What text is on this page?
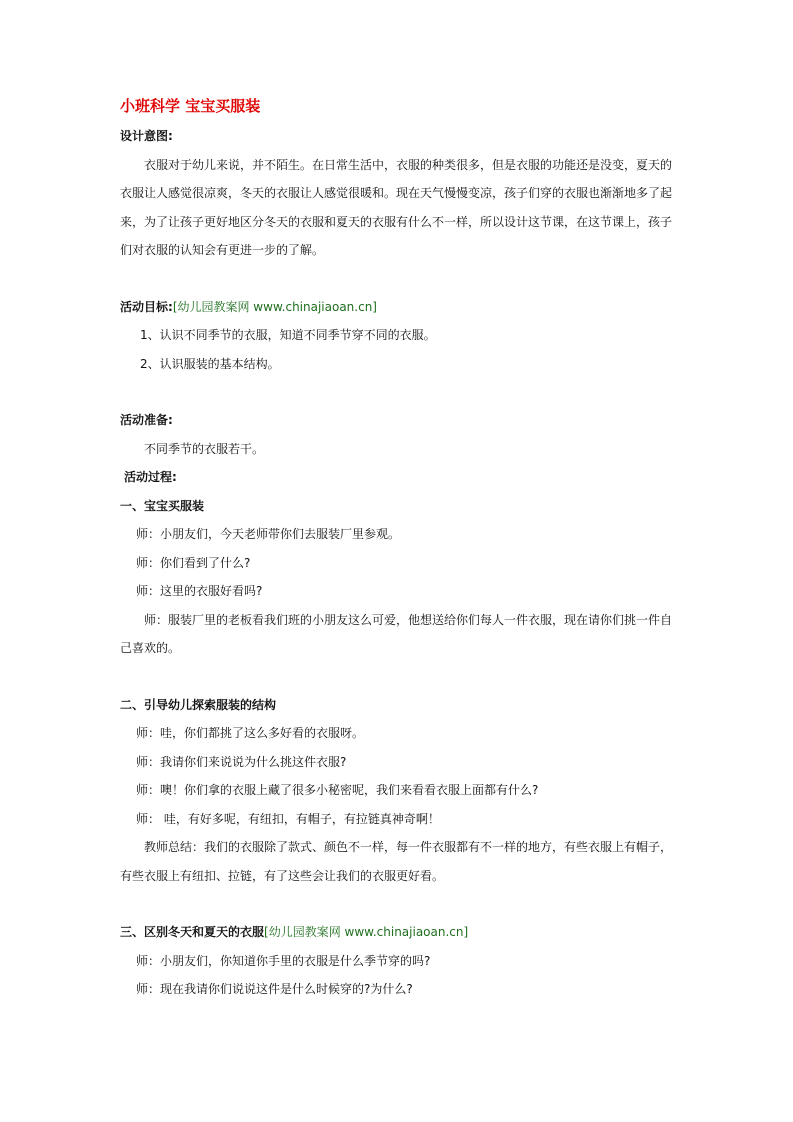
小班科学 宝宝买服装

设计意图:

衣服对于幼儿来说，并不陌生。在日常生活中，衣服的种类很多，但是衣服的功能还是没变，夏天的衣服让人感觉很凉爽，冬天的衣服让人感觉很暖和。现在天气慢慢变凉，孩子们穿的衣服也渐渐地多了起来，为了让孩子更好地区分冬天的衣服和夏天的衣服有什么不一样，所以设计这节课，在这节课上，孩子们对衣服的认知会有更进一步的了解。

活动目标:[幼儿园教案网 www.chinajiaoan.cn]

1、认识不同季节的衣服，知道不同季节穿不同的衣服。

2、认识服装的基本结构。

活动准备:

不同季节的衣服若干。

活动过程:

一、宝宝买服装

师：小朋友们，今天老师带你们去服装厂里参观。

师：你们看到了什么?

师：这里的衣服好看吗?

师：服装厂里的老板看我们班的小朋友这么可爱，他想送给你们每人一件衣服，现在请你们挑一件自己喜欢的。

二、引导幼儿探索服装的结构

师：哇，你们都挑了这么多好看的衣服呀。

师：我请你们来说说为什么挑这件衣服?

师：噢！你们拿的衣服上藏了很多小秘密呢，我们来看看衣服上面都有什么?

师： 哇，有好多呢，有纽扣，有帽子，有拉链真神奇啊！

教师总结：我们的衣服除了款式、颜色不一样，每一件衣服都有不一样的地方，有些衣服上有帽子，有些衣服上有纽扣、拉链，有了这些会让我们的衣服更好看。

三、区别冬天和夏天的衣服[幼儿园教案网 www.chinajiaoan.cn]

师：小朋友们，你知道你手里的衣服是什么季节穿的吗?

师：现在我请你们说说这件是什么时候穿的?为什么?
